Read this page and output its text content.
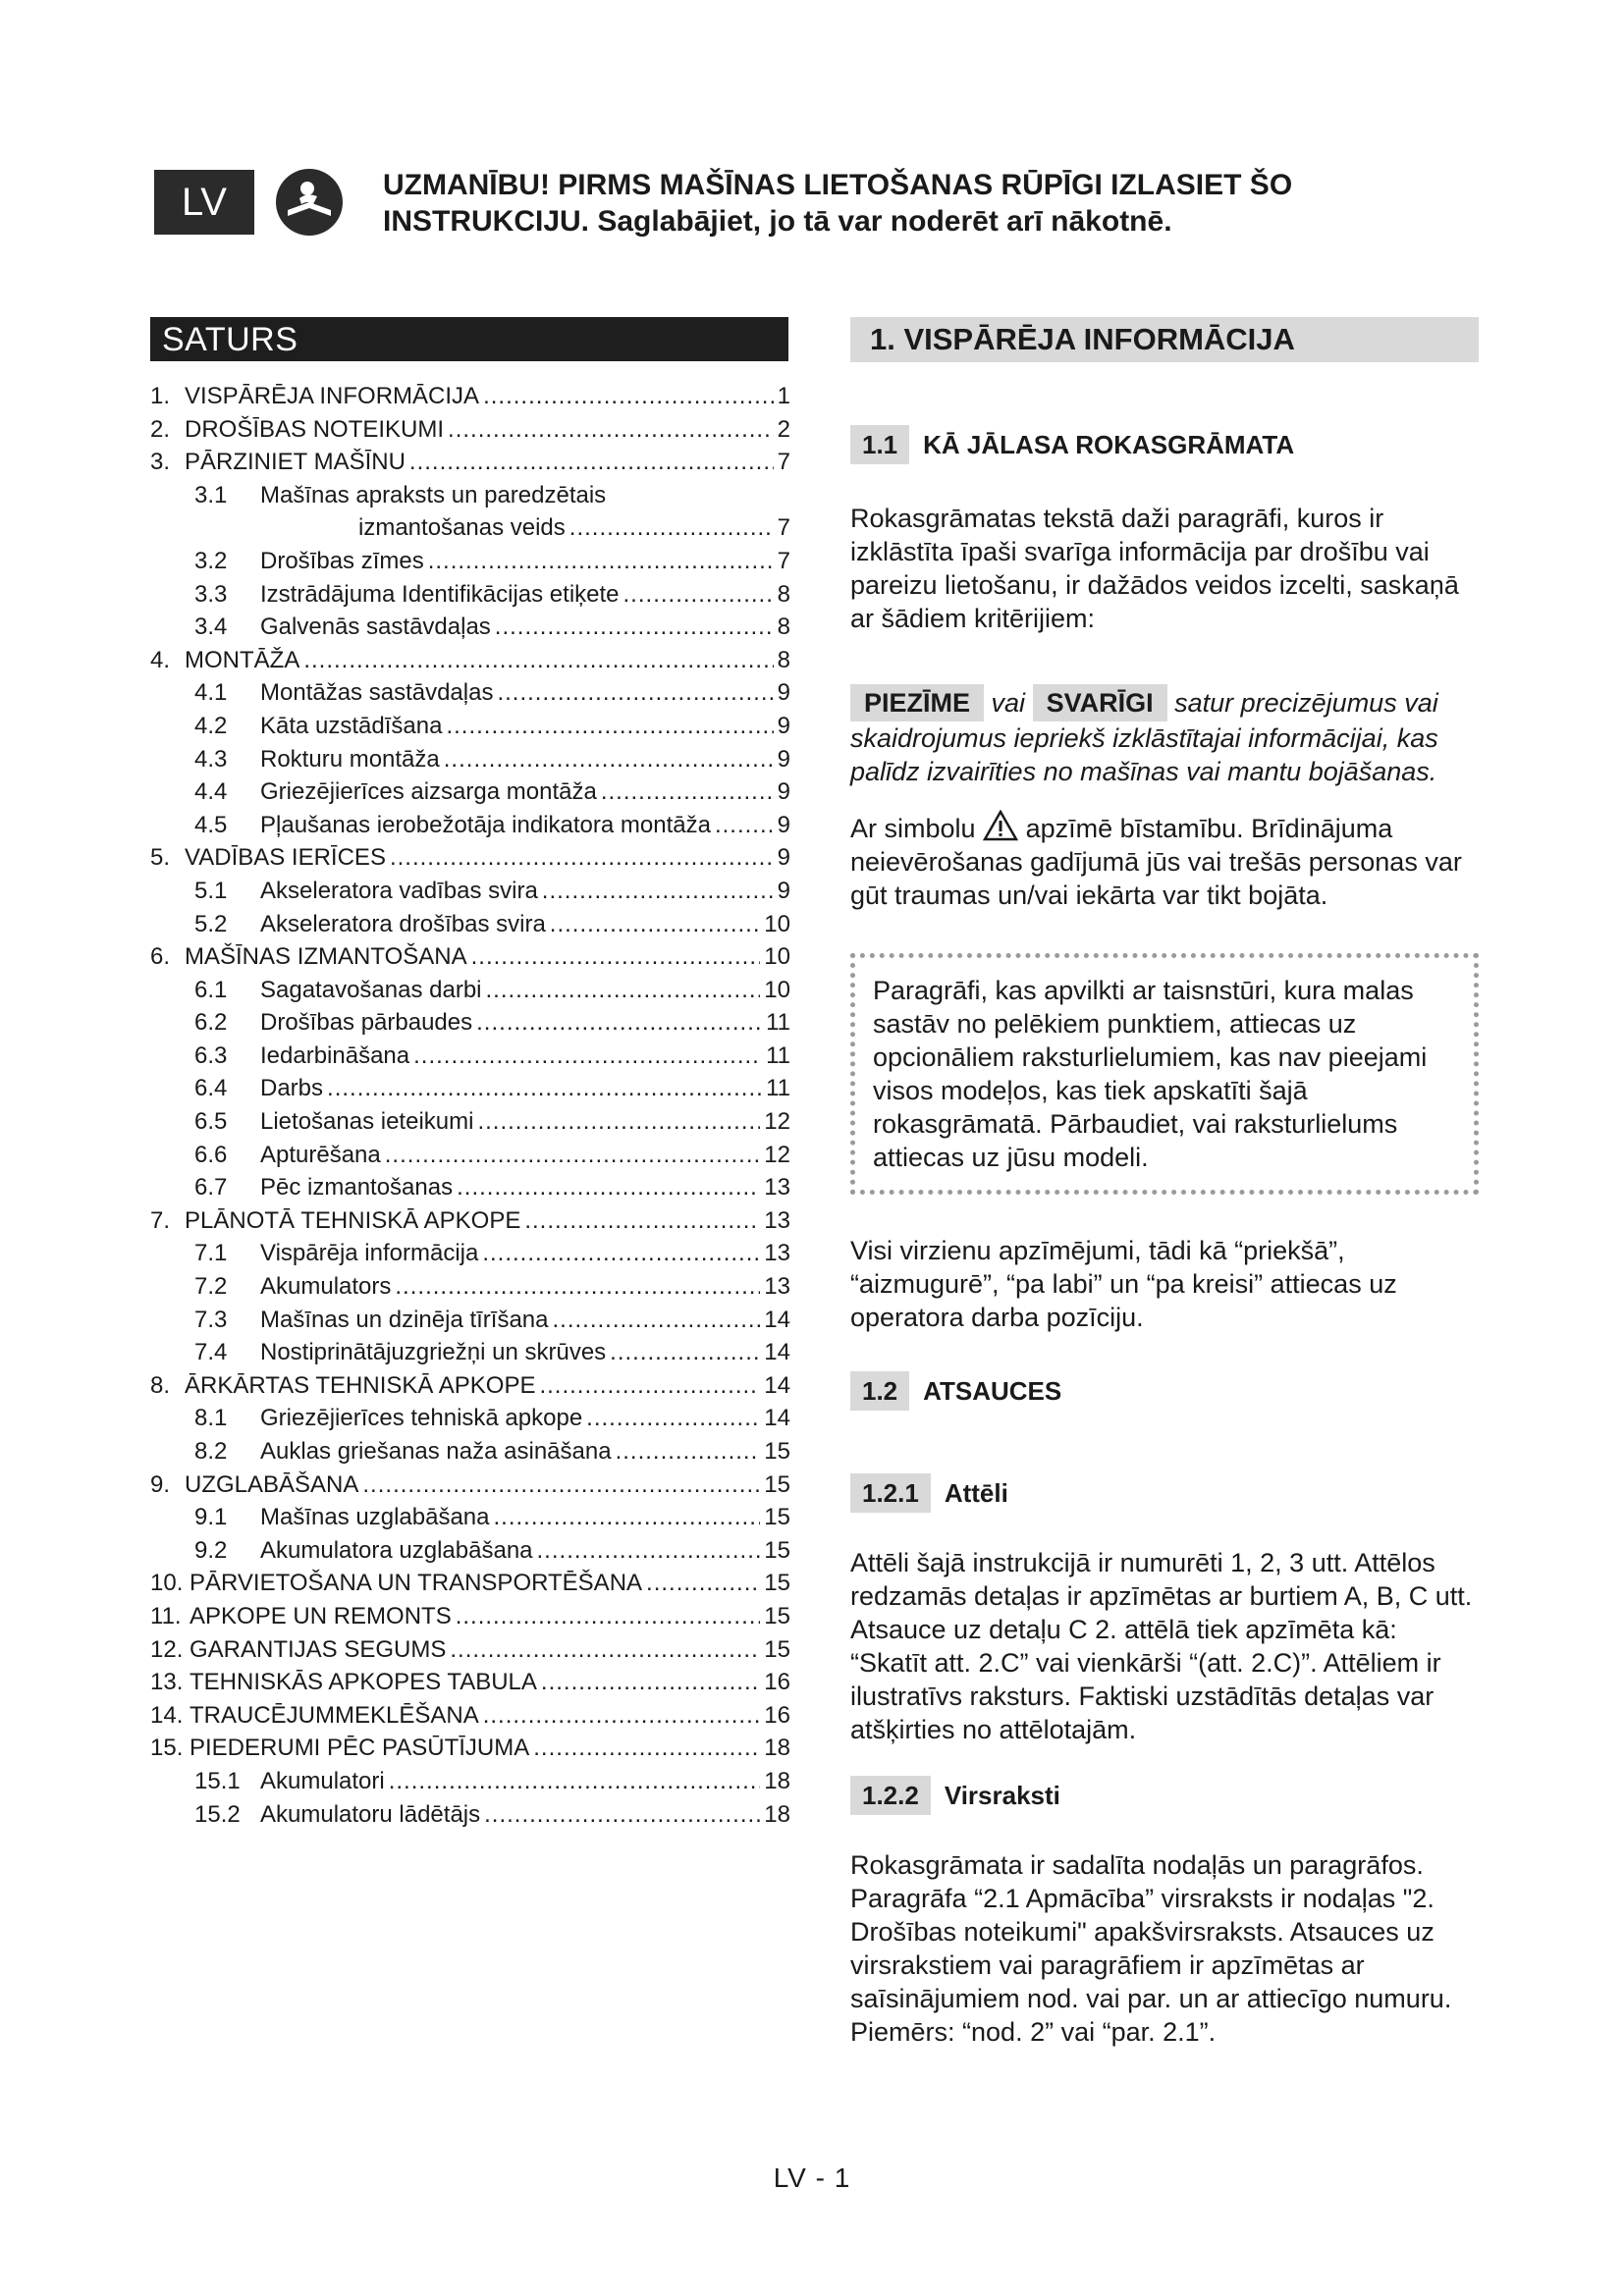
LV	UZMANĪBU! PIRMS MAŠĪNAS LIETOŠANAS RŪPĪGI IZLASIET ŠO
INSTRUKCIJU. Saglabājiet, jo tā var noderēt arī nākotnē.
SATURS
1. VISPĀRĒJA INFORMĀCIJA .....	1
2. DROŠĪBAS NOTEIKUMI .....	2
3. PĀRZINIET MAŠĪNU .....	7
3.1	Mašīnas apraksts un paredzētais
izmantošanas veids .....	7
3.2	Drošības zīmes .....	7
3.3	Izstrādājuma Identifikācijas etiķete .....	8
3.4	Galvenās sastāvdaļas .....	8
4. MONTĀŽA .....	8
4.1	Montāžas sastāvdaļas .....	9
4.2	Kāta uzstādīšana .....	9
4.3	Rokturu montāža .....	9
4.4	Griezējierīces aizsarga montāža .....	9
4.5	Pļaušanas ierobežotāja indikatora montāža .....	9
5. VADĪBAS IERĪCES .....	9
5.1	Akseleratora vadības svira .....	9
5.2	Akseleratora drošības svira .....	10
6. MAŠĪNAS IZMANTOŠANA .....	10
6.1	Sagatavošanas darbi .....	10
6.2	Drošības pārbaudes .....	11
6.3	Iedarbināšana .....	11
6.4	Darbs .....	11
6.5	Lietošanas ieteikumi .....	12
6.6	Apturēšana .....	12
6.7	Pēc izmantošanas .....	13
7. PLĀNOTĀ TEHNISKĀ APKOPE .....	13
7.1	Vispārēja informācija .....	13
7.2	Akumulators .....	13
7.3	Mašīnas un dzinēja tīrīšana .....	14
7.4	Nostiprinātājuzgriežņi un skrūves .....	14
8. ĀRKĀRTAS TEHNISKĀ APKOPE .....	14
8.1	Griezējierīces tehniskā apkope .....	14
8.2	Auklas griešanas naža asināšana .....	15
9. UZGLABĀŠANA .....	15
9.1	Mašīnas uzglabāšana .....	15
9.2	Akumulatora uzglabāšana .....	15
10. PĀRVIETOŠANA UN TRANSPORTĒŠANA .....	15
11. APKOPE UN REMONTS .....	15
12. GARANTIJAS SEGUMS .....	15
13. TEHNISKĀS APKOPES TABULA .....	16
14. TRAUCĒJUMMEKLĒŠANA .....	16
15. PIEDERUMI PĒC PASŪTĪJUMA .....	18
15.1 Akumulatori .....	18
15.2 Akumulatoru lādētājs .....	18
1. VISPĀRĒJA INFORMĀCIJA
1.1	KĀ JĀLASA ROKASGRĀMATA

Rokasgrāmatas tekstā daži paragrāfi, kuros ir izklāstīta īpaši svarīga informācija par drošību vai pareizu lietošanu, ir dažādos veidos izcelti, saskaņā ar šādiem kritērijiem:

PIEZĪME vai SVARĪGI satur precizējumus vai skaidrojumus iepriekš izklāstītajai informācijai, kas palīdz izvairīties no mašīnas vai mantu bojāšanas.

Ar simbolu apzīmē bīstamību. Brīdinājuma neievērošanas gadījumā jūs vai trešās personas var gūt traumas un/vai iekārta var tikt bojāta.

Paragrāfi, kas apvilkti ar taisnstūri, kura malas sastāv no pelēkiem punktiem, attiecas uz opcionāliem raksturlielumiem, kas nav pieejami visos modeļos, kas tiek apskatīti šajā rokasgrāmatā. Pārbaudiet, vai raksturlielums attiecas uz jūsu modeli.

Visi virzienu apzīmējumi, tādi kā “priekšā”, “aizmugurē”, “pa labi” un “pa kreisi” attiecas uz operatora darba pozīciju.

1.2	ATSAUCES
1.2.1	Attēli

Attēli šajā instrukcijā ir numurēti 1, 2, 3 utt. Attēlos redzamās detaļas ir apzīmētas ar burtiem A, B, C utt. Atsauce uz detaļu C 2. attēlā tiek apzīmēta kā: “Skatīt att. 2.C” vai vienkārši “(att. 2.C)”. Attēliem ir ilustratīvs raksturs. Faktiski uzstādītās detaļas var atšķirties no attēlotajām.

1.2.2	Virsraksti

Rokasgrāmata ir sadalīta nodaļās un paragrāfos. Paragrāfa “2.1 Apmācība” virsraksts ir nodaļas "2. Drošības noteikumi" apakšvirsraksts. Atsauces uz virsrakstiem vai paragrāfiem ir apzīmētas ar saīsinājumiem nod. vai par. un ar attiecīgo numuru. Piemērs: “nod. 2” vai “par. 2.1”.

LV - 1
